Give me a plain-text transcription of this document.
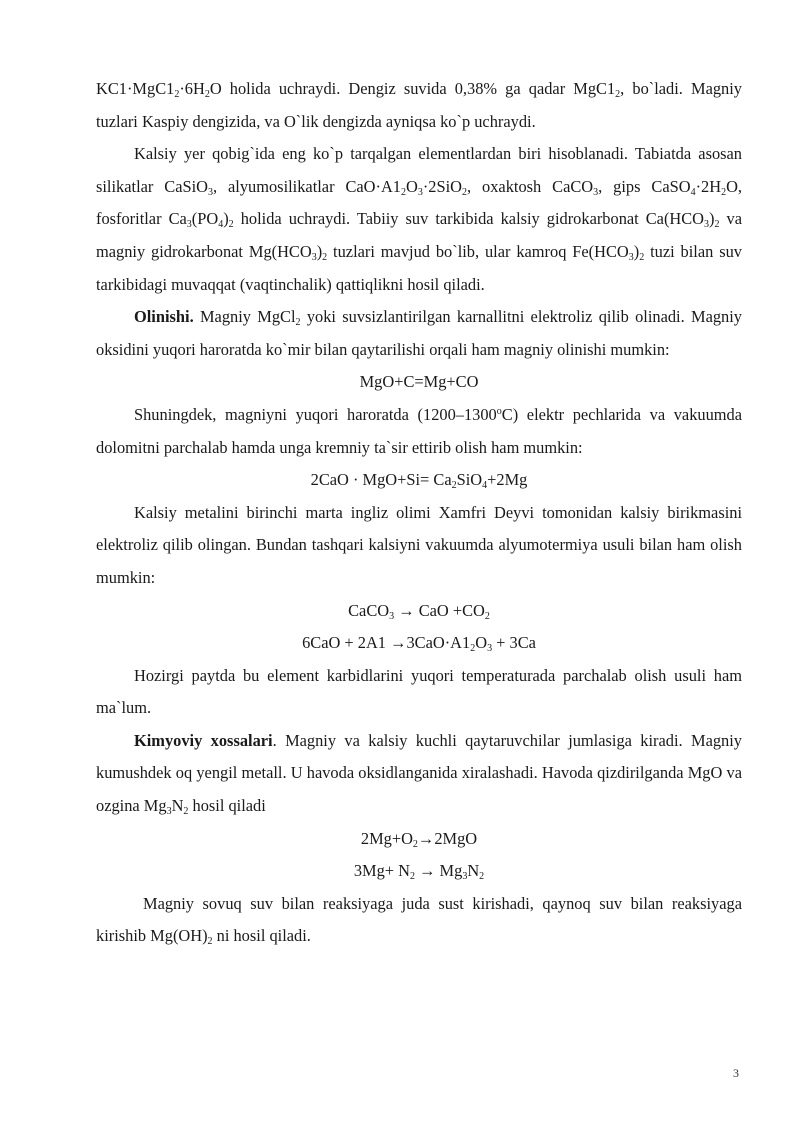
$KC1\cdot MgC1_2\cdot 6H_2O$ holida uchraydi. Dengiz suvida 0,38% ga qadar $MgC1_2$, bo`ladi. Magniy tuzlari Kaspiy dengizida, va O`lik dengizda ayniqsa ko`p uchraydi.

Kalsiy yer qobig`ida eng ko`p tarqalgan elementlardan biri hisoblanadi. Tabiatda asosan silikatlar CaSiO$_3$, alyumosilikatlar $CaO\cdot A1_2O_3\cdot 2SiO_2$, oxaktosh CaCO$_3$, gips $CaSO_4\cdot 2H_2O$, fosforitlar $Ca_3(PO_4)_2$ holida uchraydi. Tabiiy suv tarkibida kalsiy gidrokarbonat $Ca(HCO_3)_2$ va magniy gidrokarbonat $Mg(HCO_3)_2$ tuzlari mavjud bo`lib, ular kamroq $Fe(HCO_3)_2$ tuzi bilan suv tarkibidagi muvaqqat (vaqtinchalik) qattiqlikni hosil qiladi.

Olinishi. Magniy MgCl$_2$ yoki suvsizlantirilgan karnallitni elektroliz qilib olinadi. Magniy oksidini yuqori haroratda ko`mir bilan qaytarilishi orqali ham magniy olinishi mumkin:

MgO+C=Mg+CO

Shuningdek, magniyni yuqori haroratda (1200–1300$^o$C) elektr pechlarida va vakuumda dolomitni parchalab hamda unga kremniy ta`sir ettirib olish ham mumkin:

$2CaO \cdot MgO+Si= Ca_2SiO_4+2Mg$

Kalsiy metalini birinchi marta ingliz olimi Xamfri Deyvi tomonidan kalsiy birikmasini elektroliz qilib olingan. Bundan tashqari kalsiyni vakuumda alyumotermiya usuli bilan ham olish mumkin:

CaCO$_3$ → CaO $+CO_2$

$6CaO + 2A1 \to 3CaO\cdot A1_2O_3 + 3Ca$

Hozirgi paytda bu element karbidlarini yuqori temperaturada parchalab olish usuli ham ma`lum.

Kimyoviy xossalari. Magniy va kalsiy kuchli qaytaruvchilar jumlasiga kiradi. Magniy kumushdek oq yengil metall. U havoda oksidlanganida xiralashadi. Havoda qizdirilganda MgO va ozgina $Mg_3N_2$ hosil qiladi

$2Mg+O_2\to 2MgO$

$3Mg+ N_2 \to Mg_3N_2$

Magniy sovuq suv bilan reaksiyaga juda sust kirishadi, qaynoq suv bilan reaksiyaga kirishib $Mg(OH)_2$ ni hosil qiladi.

3
